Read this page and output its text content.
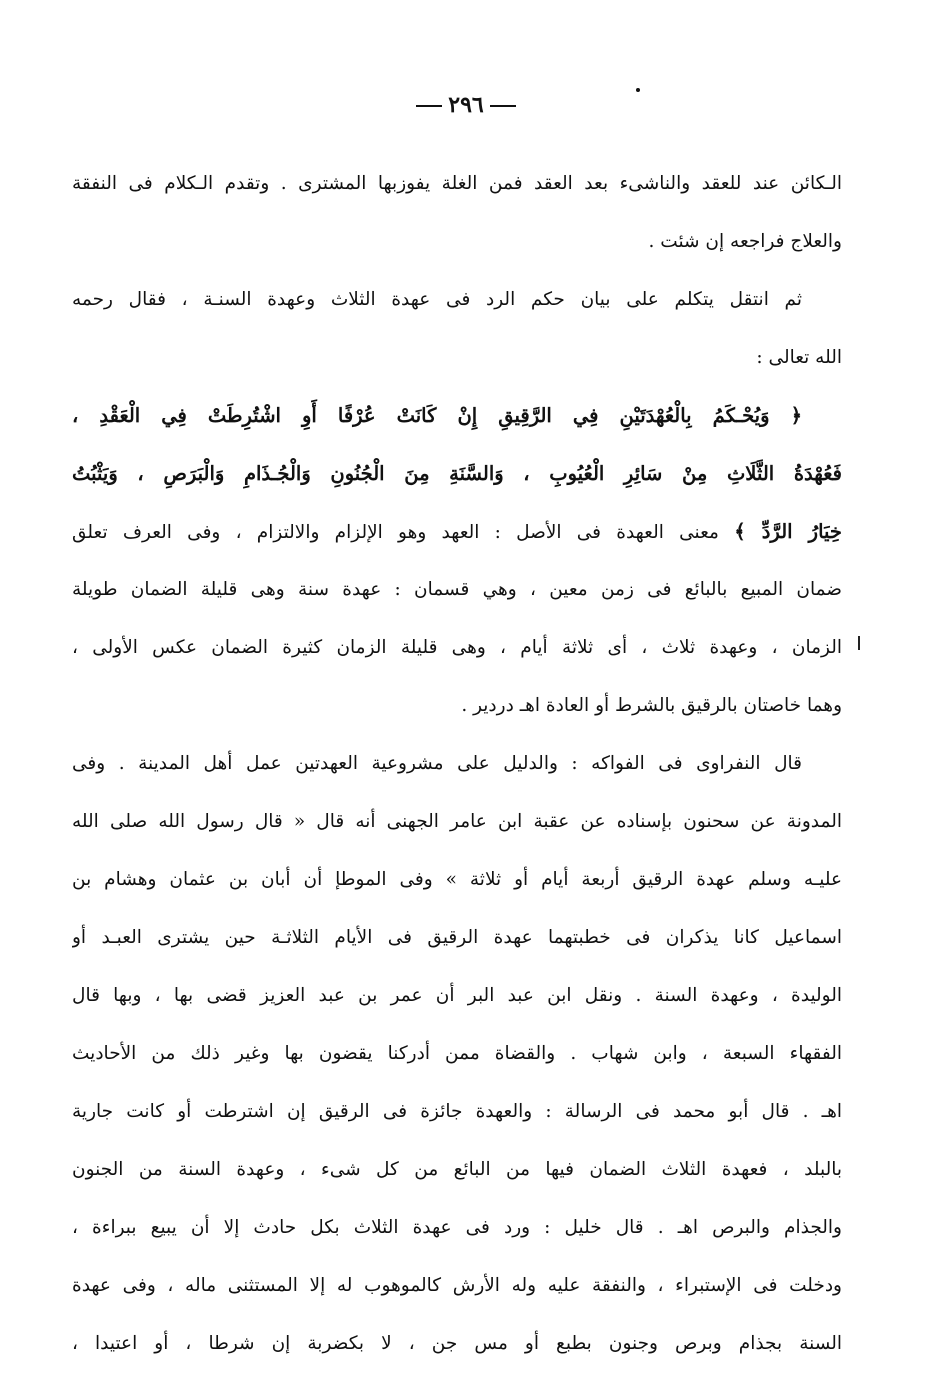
٢٩٦
الـكائن عند للعقد والناشىء بعد العقد فمن الغلة يفوزبها المشترى . وتقدم الـكلام فى النفقة
والعلاج فراجعه إن شئت .
ثم انتقل يتكلم على بيان حكم الرد فى عهدة الثلاث وعهدة السنـة ، فقال رحمه
الله تعالى :
﴿ وَيُحْـكَمُ بِالْعُهْدَتَيْنِ فِي الرَّقِيقِ إِنْ كَانَتْ عُرْفًا أَوِ اشْتُرِطَتْ فِي الْعَقْدِ ،
فَعُهْدَةُ الثَّلَاثِ مِنْ سَائِرِ الْعُيُوبِ ، وَالسَّنَةِ مِنَ الْجُنُونِ وَالْجُـذَامِ وَالْبَرَصِ ، وَيَثْبُتُ
خِيَارُ الرَّدِّ ﴾ معنى العهدة فى الأصل : العهد وهو الإلزام والالتزام ، وفى العرف تعلق
ضمان المبيع بالبائع فى زمن معين ، وهي قسمان : عهدة سنة وهى قليلة الضمان طويلة
الزمان ، وعهدة ثلاث ، أى ثلاثة أيام ، وهى قليلة الزمان كثيرة الضمان عكس الأولى ،
وهما خاصتان بالرقيق بالشرط أو العادة اهـ دردير .
قال النفراوى فى الفواكه : والدليل على مشروعية العهدتين عمل أهل المدينة . وفى
المدونة عن سحنون بإسناده عن عقبة ابن عامر الجهنى أنه قال « قال رسول الله صلى الله
عليـه وسلم عهدة الرقيق أربعة أيام أو ثلاثة » وفى الموطإ أن أبان بن عثمان وهشام بن
اسماعيل كانا يذكران فى خطبتهما عهدة الرقيق فى الأيام الثلاثـة حين يشترى العبـد أو
الوليدة ، وعهدة السنة . ونقل ابن عبد البر أن عمر بن عبد العزيز قضى بها ، وبها قال
الفقهاء السبعة ، وابن شهاب . والقضاة ممن أدركنا يقضون بها وغير ذلك من الأحاديث
اهـ . قال أبو محمد فى الرسالة : والعهدة جائزة فى الرقيق إن اشترطت أو كانت جارية
بالبلد ، فعهدة الثلاث الضمان فيها من البائع من كل شىء ، وعهدة السنة من الجنون
والجذام والبرص اهـ . قال خليل : ورد فى عهدة الثلاث بكل حادث إلا أن يبيع ببراءة ،
ودخلت فى الإستبراء ، والنفقة عليه وله الأرش كالموهوب له إلا المستثنى ماله ، وفى عهدة
السنة بجذام وبرص وجنون بطبع أو مس جن ، لا بكضربة إن شرطا ، أو اعتيدا ،
